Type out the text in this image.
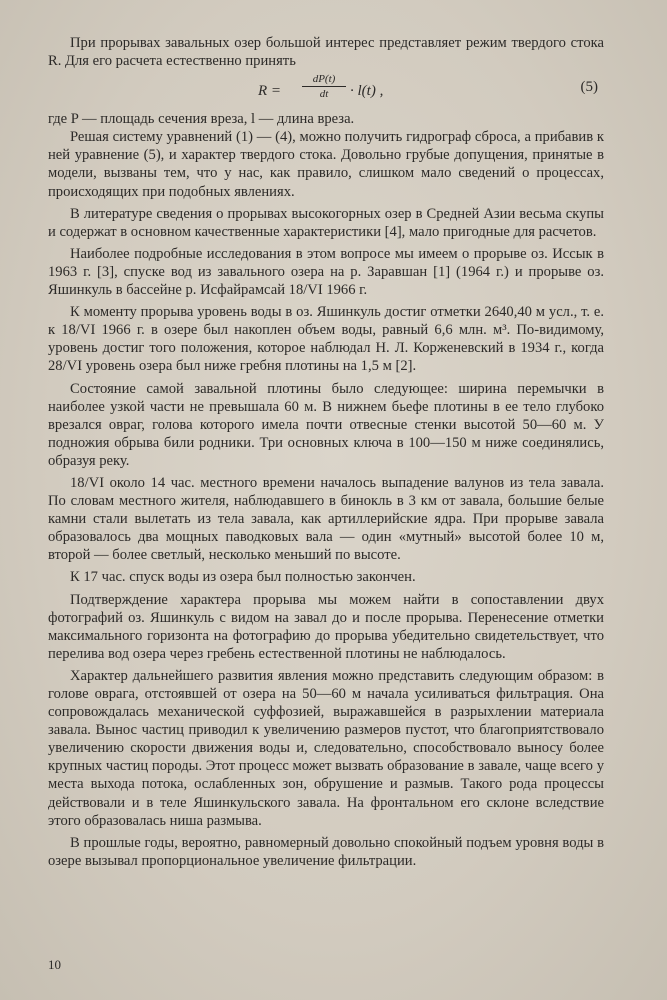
При прорывах завальных озер большой интерес представляет режим твердого стока R. Для его расчета естественно принять

$R = \frac{dP(t)}{dt} \cdot l(t)$ ,	(5)

где P — площадь сечения вреза, l — длина вреза.

Решая систему уравнений (1) — (4), можно получить гидрограф сброса, а прибавив к ней уравнение (5), и характер твердого стока. Довольно грубые допущения, принятые в модели, вызваны тем, что у нас, как правило, слишком мало сведений о процессах, происходящих при подобных явлениях.

В литературе сведения о прорывах высокогорных озер в Средней Азии весьма скупы и содержат в основном качественные характеристики [4], мало пригодные для расчетов.

Наиболее подробные исследования в этом вопросе мы имеем о прорыве оз. Иссык в 1963 г. [3], спуске вод из завального озера на р. Заравшан [1] (1964 г.) и прорыве оз. Яшинкуль в бассейне р. Исфайрамсай 18/VI 1966 г.

К моменту прорыва уровень воды в оз. Яшинкуль достиг отметки 2640,40 м усл., т. е. к 18/VI 1966 г. в озере был накоплен объем воды, равный 6,6 млн. м³. По-видимому, уровень достиг того положения, которое наблюдал Н. Л. Корженевский в 1934 г., когда 28/VI уровень озера был ниже гребня плотины на 1,5 м [2].

Состояние самой завальной плотины было следующее: ширина перемычки в наиболее узкой части не превышала 60 м. В нижнем бьефе плотины в ее тело глубоко врезался овраг, голова которого имела почти отвесные стенки высотой 50—60 м. У подножия обрыва били родники. Три основных ключа в 100—150 м ниже соединялись, образуя реку.

18/VI около 14 час. местного времени началось выпадение валунов из тела завала. По словам местного жителя, наблюдавшего в бинокль в 3 км от завала, большие белые камни стали вылетать из тела завала, как артиллерийские ядра. При прорыве завала образовалось два мощных паводковых вала — один «мутный» высотой более 10 м, второй — более светлый, несколько меньший по высоте.

К 17 час. спуск воды из озера был полностью закончен.

Подтверждение характера прорыва мы можем найти в сопоставлении двух фотографий оз. Яшинкуль с видом на завал до и после прорыва. Перенесение отметки максимального горизонта на фотографию до прорыва убедительно свидетельствует, что перелива вод озера через гребень естественной плотины не наблюдалось.

Характер дальнейшего развития явления можно представить следующим образом: в голове оврага, отстоявшей от озера на 50—60 м начала усиливаться фильтрация. Она сопровождалась механической суффозией, выражавшейся в разрыхлении материала завала. Вынос частиц приводил к увеличению размеров пустот, что благоприятствовало увеличению скорости движения воды и, следовательно, способствовало выносу более крупных частиц породы. Этот процесс может вызвать образование в завале, чаще всего у места выхода потока, ослабленных зон, обрушение и размыв. Такого рода процессы действовали и в теле Яшинкульского завала. На фронтальном его склоне вследствие этого образовалась ниша размыва.

В прошлые годы, вероятно, равномерный довольно спокойный подъем уровня воды в озере вызывал пропорциональное увеличение фильтрации.

10
